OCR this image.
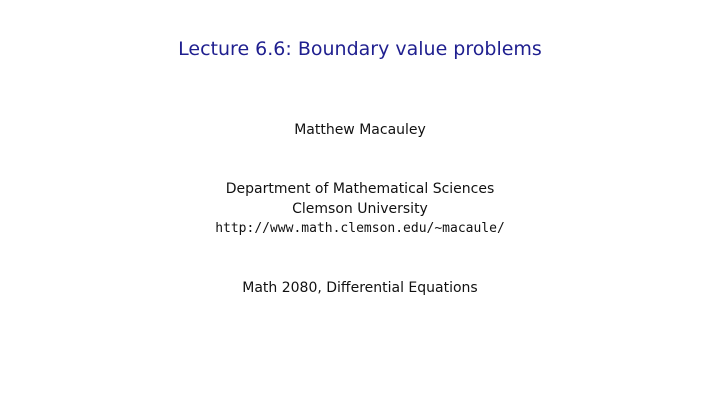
Lecture 6.6: Boundary value problems
Matthew Macauley
Department of Mathematical Sciences
Clemson University
http://www.math.clemson.edu/~macaule/
Math 2080, Differential Equations
